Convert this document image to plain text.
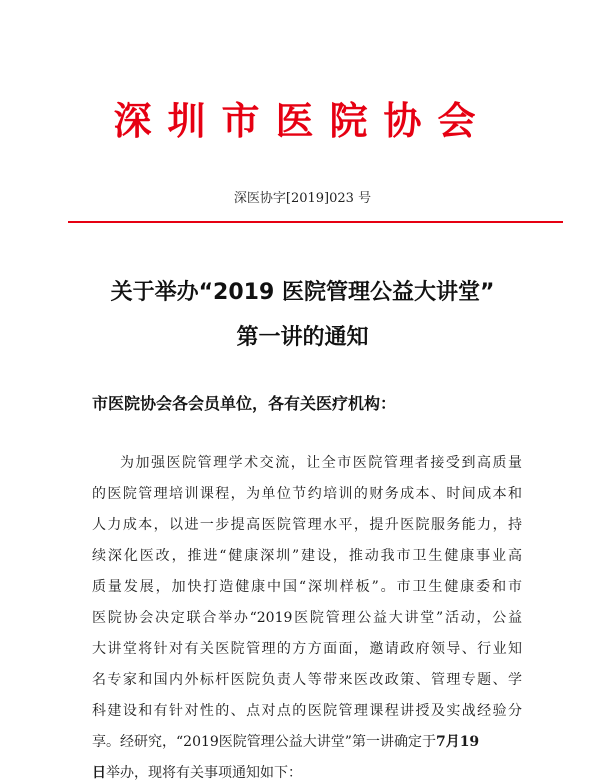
深圳市医院协会
深医协字[2019]023 号
关于举办“2019 医院管理公益大讲堂”
第一讲的通知
市医院协会各会员单位，各有关医疗机构：
为加强医院管理学术交流，让全市医院管理者接受到高质量
的医院管理培训课程，为单位节约培训的财务成本、时间成本和
人力成本，以进一步提高医院管理水平，提升医院服务能力，持
续深化医改，推进“健康深圳”建设，推动我市卫生健康事业高
质量发展，加快打造健康中国“深圳样板”。市卫生健康委和市
医院协会决定联合举办“2019医院管理公益大讲堂”活动，公益
大讲堂将针对有关医院管理的方方面面，邀请政府领导、行业知
名专家和国内外标杆医院负责人等带来医改政策、管理专题、学
科建设和有针对性的、点对点的医院管理课程讲授及实战经验分
享。经研究，“2019医院管理公益大讲堂”第一讲确定于7月19
日举办，现将有关事项通知如下：
